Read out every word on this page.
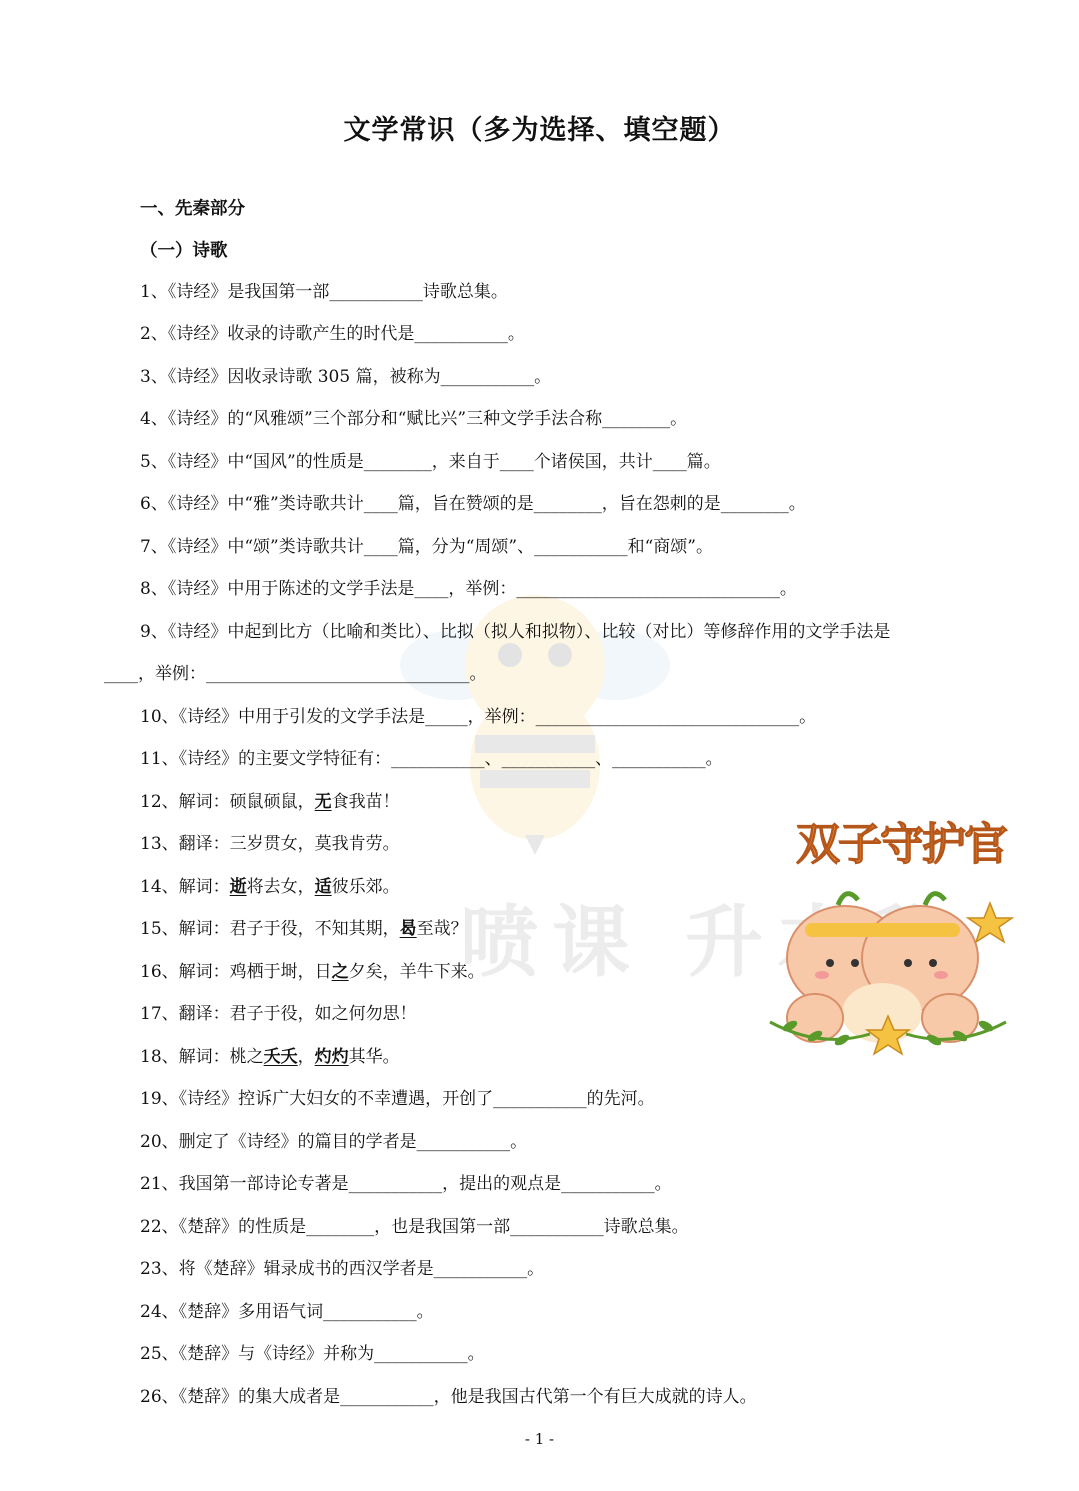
喷课 升本秘
文学常识（多为选择、填空题）
一、先秦部分
（一）诗歌
1、《诗经》是我国第一部___________诗歌总集。
2、《诗经》收录的诗歌产生的时代是___________。
3、《诗经》因收录诗歌 305 篇，被称为___________。
4、《诗经》的“风雅颂”三个部分和“赋比兴”三种文学手法合称________。
5、《诗经》中“国风”的性质是________，来自于____个诸侯国，共计____篇。
6、《诗经》中“雅”类诗歌共计____篇，旨在赞颂的是________，旨在怨刺的是________。
7、《诗经》中“颂”类诗歌共计____篇，分为“周颂”、___________和“商颂”。
8、《诗经》中用于陈述的文学手法是____，举例：_______________________________。
9、《诗经》中起到比方（比喻和类比）、比拟（拟人和拟物）、比较（对比）等修辞作用的文学手法是
____，举例：_______________________________。
10、《诗经》中用于引发的文学手法是_____，举例：_______________________________。
11、《诗经》的主要文学特征有：___________、___________、___________。
12、解词：硕鼠硕鼠，无食我苗！
13、翻译：三岁贯女，莫我肯劳。
14、解词：逝将去女，适彼乐郊。
15、解词：君子于役，不知其期，曷至哉？
16、解词：鸡栖于埘，日之夕矣，羊牛下来。
17、翻译：君子于役，如之何勿思！
18、解词：桃之夭夭，灼灼其华。
19、《诗经》控诉广大妇女的不幸遭遇，开创了___________的先河。
20、删定了《诗经》的篇目的学者是___________。
21、我国第一部诗论专著是___________，提出的观点是___________。
22、《楚辞》的性质是________，也是我国第一部___________诗歌总集。
23、将《楚辞》辑录成书的西汉学者是___________。
24、《楚辞》多用语气词___________。
25、《楚辞》与《诗经》并称为___________。
26、《楚辞》的集大成者是___________，他是我国古代第一个有巨大成就的诗人。
双子守护官
- 1 -
